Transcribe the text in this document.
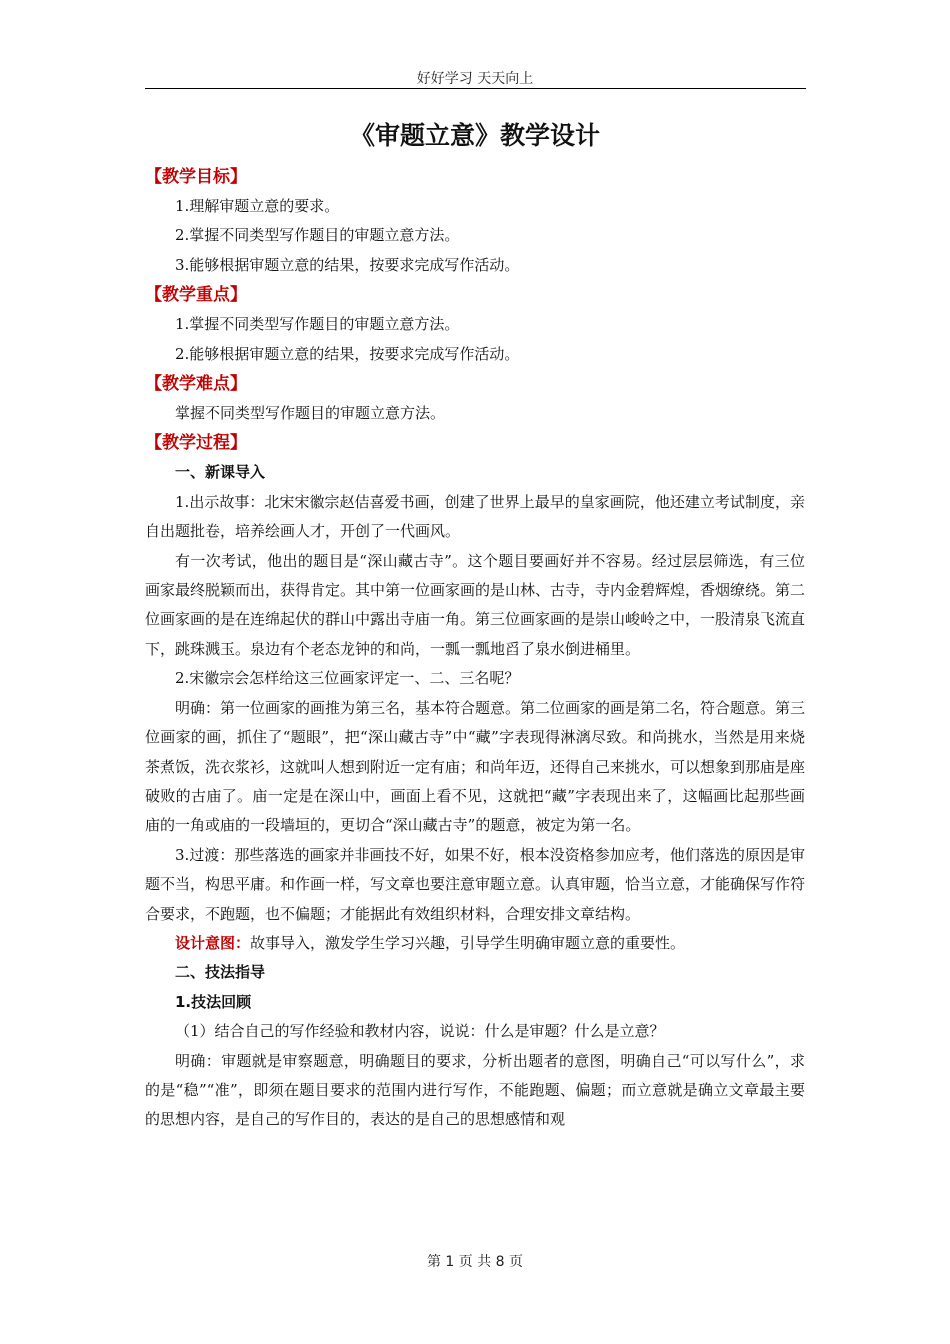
好好学习 天天向上
《审题立意》教学设计
【教学目标】

1.理解审题立意的要求。

2.掌握不同类型写作题目的审题立意方法。

3.能够根据审题立意的结果，按要求完成写作活动。

【教学重点】

1.掌握不同类型写作题目的审题立意方法。

2.能够根据审题立意的结果，按要求完成写作活动。

【教学难点】

掌握不同类型写作题目的审题立意方法。

【教学过程】

一、新课导入

1.出示故事：北宋宋徽宗赵佶喜爱书画，创建了世界上最早的皇家画院，他还建立考试制度，亲自出题批卷，培养绘画人才，开创了一代画风。

有一次考试，他出的题目是“深山藏古寺”。这个题目要画好并不容易。经过层层筛选，有三位画家最终脱颖而出，获得肯定。其中第一位画家画的是山林、古寺，寺内金碧辉煌，香烟缭绕。第二位画家画的是在连绵起伏的群山中露出寺庙一角。第三位画家画的是崇山峻岭之中，一股清泉飞流直下，跳珠溅玉。泉边有个老态龙钟的和尚，一瓢一瓢地舀了泉水倒进桶里。

2.宋徽宗会怎样给这三位画家评定一、二、三名呢？

明确：第一位画家的画推为第三名，基本符合题意。第二位画家的画是第二名，符合题意。第三位画家的画，抓住了“题眼”，把“深山藏古寺”中“藏”字表现得淋漓尽致。和尚挑水，当然是用来烧茶煮饭，洗衣浆衫，这就叫人想到附近一定有庙；和尚年迈，还得自己来挑水，可以想象到那庙是座破败的古庙了。庙一定是在深山中，画面上看不见，这就把“藏”字表现出来了，这幅画比起那些画庙的一角或庙的一段墙垣的，更切合“深山藏古寺”的题意，被定为第一名。

3.过渡：那些落选的画家并非画技不好，如果不好，根本没资格参加应考，他们落选的原因是审题不当，构思平庸。和作画一样，写文章也要注意审题立意。认真审题，恰当立意，才能确保写作符合要求，不跑题，也不偏题；才能据此有效组织材料，合理安排文章结构。

设计意图：故事导入，激发学生学习兴趣，引导学生明确审题立意的重要性。

二、技法指导

1.技法回顾

（1）结合自己的写作经验和教材内容，说说：什么是审题？什么是立意？

明确：审题就是审察题意，明确题目的要求，分析出题者的意图，明确自己“可以写什么”，求的是“稳”“准”，即须在题目要求的范围内进行写作，不能跑题、偏题；而立意就是确立文章最主要的思想内容，是自己的写作目的，表达的是自己的思想感情和观

第 1 页 共 8 页
